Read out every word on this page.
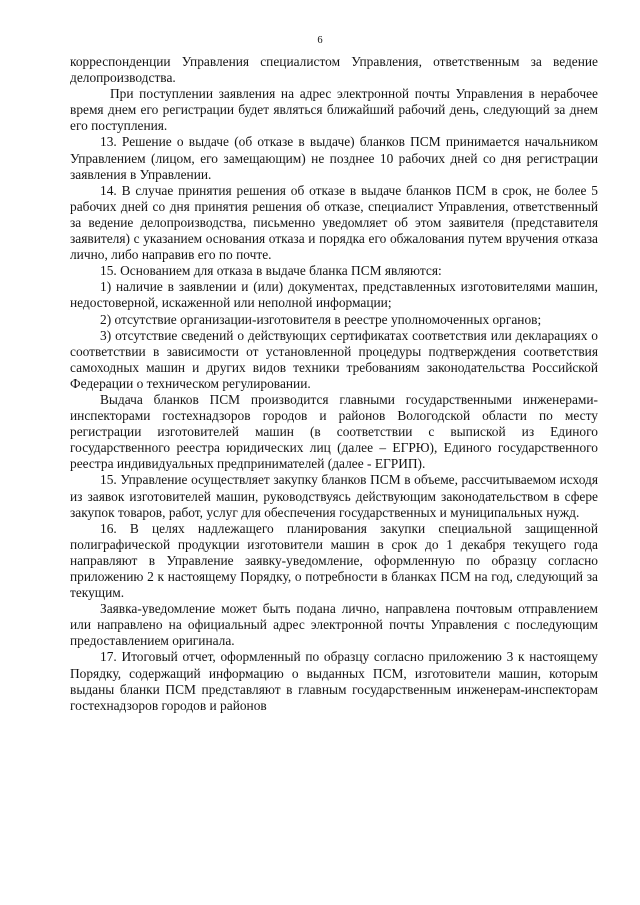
6

корреспонденции Управления специалистом Управления, ответственным за ведение делопроизводства.

При поступлении заявления на адрес электронной почты Управления в нерабочее время днем его регистрации будет являться ближайший рабочий день, следующий за днем его поступления.

13. Решение о выдаче (об отказе в выдаче) бланков ПСМ принимается начальником Управлением (лицом, его замещающим) не позднее 10 рабочих дней со дня регистрации заявления в Управлении.

14. В случае принятия решения об отказе в выдаче бланков ПСМ в срок, не более 5 рабочих дней со дня принятия решения об отказе, специалист Управления, ответственный за ведение делопроизводства, письменно уведомляет об этом заявителя (представителя заявителя) с указанием основания отказа и порядка его обжалования путем вручения отказа лично, либо направив его по почте.

15. Основанием для отказа в выдаче бланка ПСМ являются:

1) наличие в заявлении и (или) документах, представленных изготовителями машин, недостоверной, искаженной или неполной информации;

2) отсутствие организации-изготовителя в реестре уполномоченных органов;

3) отсутствие сведений о действующих сертификатах соответствия или декларациях о соответствии в зависимости от установленной процедуры подтверждения соответствия самоходных машин и других видов техники требованиям законодательства Российской Федерации о техническом регулировании.

Выдача бланков ПСМ производится главными государственными инженерами-инспекторами гостехнадзоров городов и районов Вологодской области по месту регистрации изготовителей машин (в соответствии с выпиской из Единого государственного реестра юридических лиц (далее – ЕГРЮ), Единого государственного реестра индивидуальных предпринимателей (далее - ЕГРИП).

15. Управление осуществляет закупку бланков ПСМ в объеме, рассчитываемом исходя из заявок изготовителей машин, руководствуясь действующим законодательством в сфере закупок товаров, работ, услуг для обеспечения государственных и муниципальных нужд.

16. В целях надлежащего планирования закупки специальной защищенной полиграфической продукции изготовители машин в срок до 1 декабря текущего года направляют в Управление заявку-уведомление, оформленную по образцу согласно приложению 2 к настоящему Порядку, о потребности в бланках ПСМ на год, следующий за текущим.

Заявка-уведомление может быть подана лично, направлена почтовым отправлением или направлено на официальный адрес электронной почты Управления с последующим предоставлением оригинала.

17. Итоговый отчет, оформленный по образцу согласно приложению 3 к настоящему Порядку, содержащий информацию о выданных ПСМ, изготовители машин, которым выданы бланки ПСМ представляют в главным государственным инженерам-инспекторам гостехнадзоров городов и районов
